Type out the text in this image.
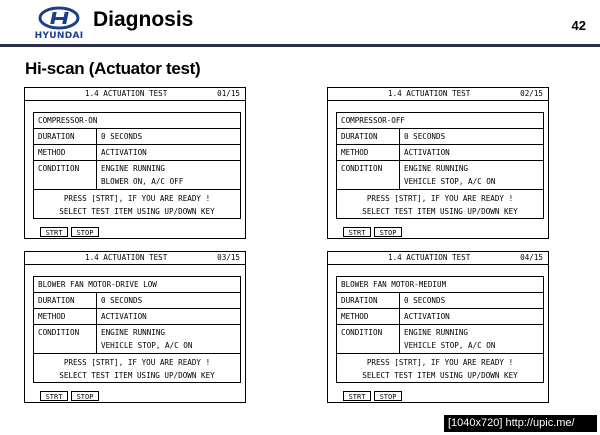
HYUNDAI
Diagnosis	42
Hi-scan (Actuator test)
1.4 ACTUATION TEST	01/15
COMPRESSOR-ON
DURATION	0 SECONDS
METHOD	ACTIVATION
CONDITION	ENGINE RUNNING
BLOWER ON, A/C OFF
PRESS [STRT], IF YOU ARE READY !
SELECT TEST ITEM USING UP/DOWN KEY
STRT	STOP
1.4 ACTUATION TEST	02/15
COMPRESSOR-OFF
DURATION	0 SECONDS
METHOD	ACTIVATION
CONDITION	ENGINE RUNNING
VEHICLE STOP, A/C ON
PRESS [STRT], IF YOU ARE READY !
SELECT TEST ITEM USING UP/DOWN KEY
STRT	STOP
1.4 ACTUATION TEST	03/15
BLOWER FAN MOTOR-DRIVE LOW
DURATION	0 SECONDS
METHOD	ACTIVATION
CONDITION	ENGINE RUNNING
VEHICLE STOP, A/C ON
PRESS [STRT], IF YOU ARE READY !
SELECT TEST ITEM USING UP/DOWN KEY
STRT	STOP
1.4 ACTUATION TEST	04/15
BLOWER FAN MOTOR-MEDIUM
DURATION	0 SECONDS
METHOD	ACTIVATION
CONDITION	ENGINE RUNNING
VEHICLE STOP, A/C ON
PRESS [STRT], IF YOU ARE READY !
SELECT TEST ITEM USING UP/DOWN KEY
STRT	STOP
[1040x720] http://upic.me/
